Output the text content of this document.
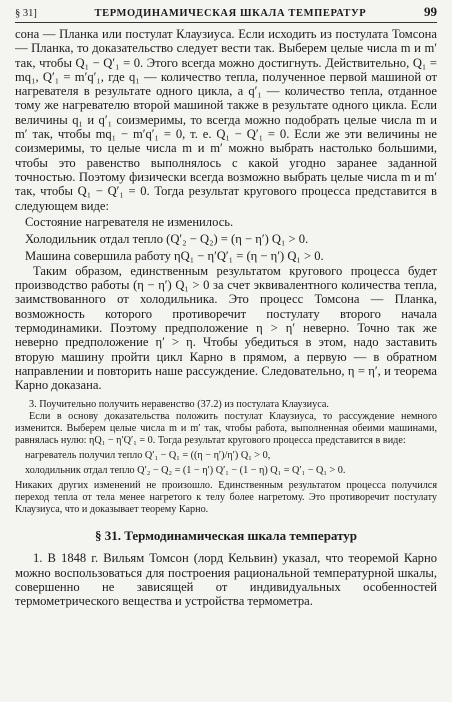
§ 31]	ТЕРМОДИНАМИЧЕСКАЯ ШКАЛА ТЕМПЕРАТУР	99

сона — Планка или постулат Клаузиуса. Если исходить из постулата Томсона — Планка, то доказательство следует вести так. Выберем целые числа m и m′ так, чтобы Q₁ − Q′₁ = 0. Этого всегда можно достигнуть. Действительно, Q₁ = mq₁, Q′₁ = m′q′₁, где q₁ — количество тепла, полученное первой машиной от нагревателя в результате одного цикла, а q′₁ — количество тепла, отданное тому же нагревателю второй машиной также в результате одного цикла. Если величины q₁ и q′₁ соизмеримы, то всегда можно подобрать целые числа m и m′ так, чтобы mq₁ − m′q′₁ = 0, т. е. Q₁ − Q′₁ = 0. Если же эти величины не соизмеримы, то целые числа m и m′ можно выбрать настолько большими, чтобы это равенство выполнялось с какой угодно заранее заданной точностью. Поэтому физически всегда возможно выбрать целые числа m и m′ так, чтобы Q₁ − Q′₁ = 0. Тогда результат кругового процесса представится в следующем виде:

Состояние нагревателя не изменилось.
Холодильник отдал тепло (Q′₂ − Q₂) = (η − η′) Q₁ > 0.
Машина совершила работу ηQ₁ − η′Q′₁ = (η − η′) Q₁ > 0.

Таким образом, единственным результатом кругового процесса будет производство работы (η − η′) Q₁ > 0 за счет эквивалентного количества тепла, заимствованного от холодильника. Это процесс Томсона — Планка, возможность которого противоречит постулату второго начала термодинамики. Поэтому предположение η > η′ неверно. Точно так же неверно предположение η′ > η. Чтобы убедиться в этом, надо заставить вторую машину пройти цикл Карно в прямом, а первую — в обратном направлении и повторить наше рассуждение. Следовательно, η = η′, и теорема Карно доказана.

3. Поучительно получить неравенство (37.2) из постулата Клаузиуса.

Если в основу доказательства положить постулат Клаузиуса, то рассуждение немного изменится. Выберем целые числа m и m′ так, чтобы работа, выполненная обеими машинами, равнялась нулю: ηQ₁ − η′Q′₁ = 0. Тогда результат кругового процесса представится в виде:

нагреватель получил тепло Q′₁ − Q₁ = ((η − η′)/η′) Q₁ > 0,
холодильник отдал тепло Q′₂ − Q₂ = (1 − η′) Q′₁ − (1 − η) Q₁ = Q′₁ − Q₁ > 0.

Никаких других изменений не произошло. Единственным результатом процесса получился переход тепла от тела менее нагретого к телу более нагретому. Это противоречит постулату Клаузиуса, что и доказывает теорему Карно.

§ 31. Термодинамическая шкала температур

1. В 1848 г. Вильям Томсон (лорд Кельвин) указал, что теоремой Карно можно воспользоваться для построения рациональной температурной шкалы, совершенно не зависящей от индивидуальных особенностей термометрического вещества и устройства термометра.
